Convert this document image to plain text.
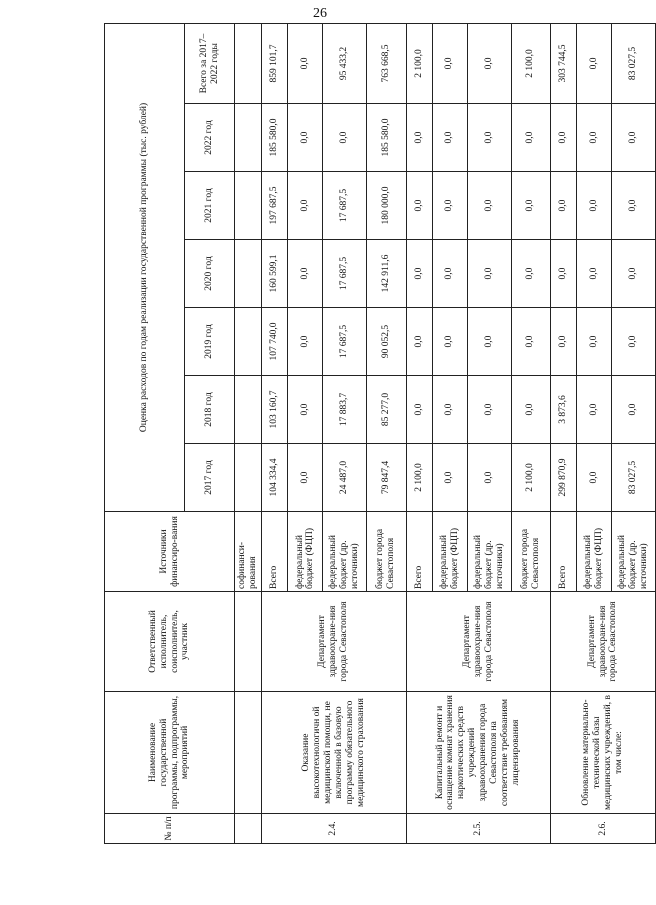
26
№ п/п	Наименование государственной программы, подпрограммы, мероприятий	Ответственный исполнитель, соисполнитель, участник	Источники финансиро-вания	Оценка расходов по годам реализации государственной программы (тыс. рублей)						
				2017 год	2018 год	2019 год	2020 год	2021 год	2022 год	Всего за 2017–2022 годы
			софинанси-рования							
2.4.	Оказание высокотехнологичн ой медицинской помощи, не включенной в базовую программу обязательного медицинского страхования	Департамент здравоохране-ния города Севастополя	Всего	104 334,4	103 160,7	107 740,0	160 599,1	197 687,5	185 580,0	859 101,7
			федеральный бюджет (ФЦП)	0,0	0,0	0,0	0,0	0,0	0,0	0,0
			федеральный бюджет (др. источники)	24 487,0	17 883,7	17 687,5	17 687,5	17 687,5	0,0	95 433,2
			бюджет города Севастополя	79 847,4	85 277,0	90 052,5	142 911,6	180 000,0	185 580,0	763 668,5
2.5.	Капитальный ремонт и оснащение комнат хранения наркотических средств учреждений здравоохранения города Севастополя на соответствие требованиям лицензирования	Департамент здравоохране-ния города Севастополя	Всего	2 100,0	0,0	0,0	0,0	0,0	0,0	2 100,0
			федеральный бюджет (ФЦП)	0,0	0,0	0,0	0,0	0,0	0,0	0,0
			федеральный бюджет (др. источники)	0,0	0,0	0,0	0,0	0,0	0,0	0,0
			бюджет города Севастополя	2 100,0	0,0	0,0	0,0	0,0	0,0	2 100,0
2.6.	Обновление материально-технической базы медицинских учреждений, в том числе:	Департамент здравоохране-ния города Севастополя	Всего	299 870,9	3 873,6	0,0	0,0	0,0	0,0	303 744,5
			федеральный бюджет (ФЦП)	0,0	0,0	0,0	0,0	0,0	0,0	0,0
			федеральный бюджет (др. источники)	83 027,5	0,0	0,0	0,0	0,0	0,0	83 027,5
